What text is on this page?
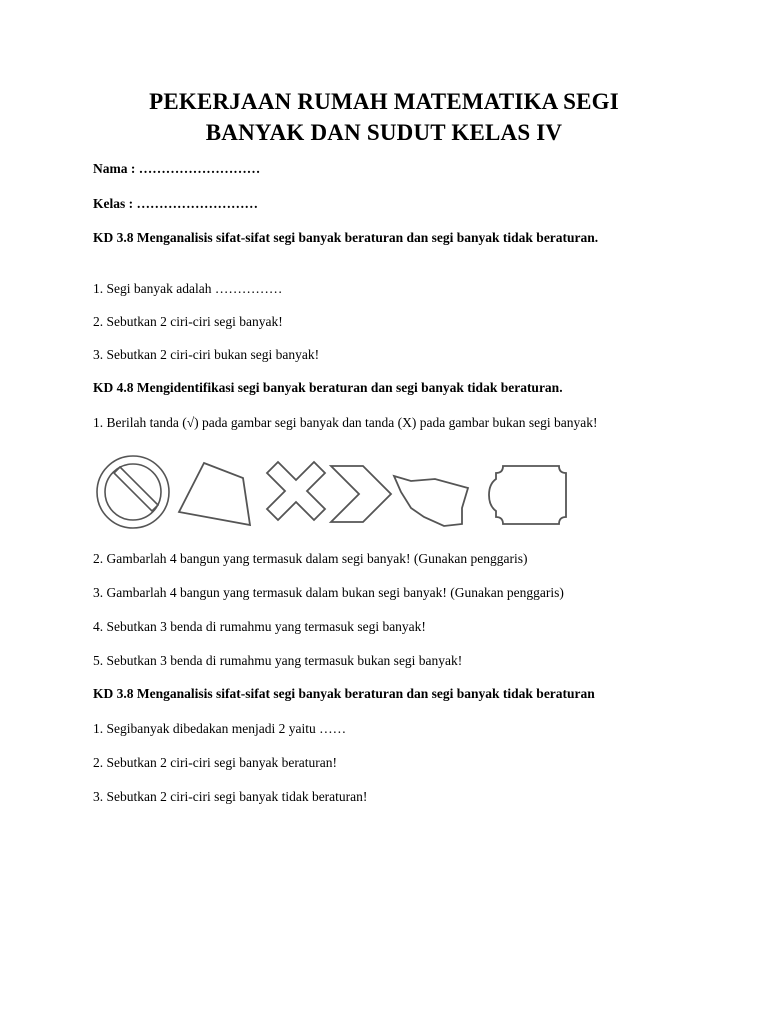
PEKERJAAN RUMAH MATEMATIKA SEGI
BANYAK DAN SUDUT KELAS IV
Nama : ………………………
Kelas : ………………………
KD 3.8 Menganalisis sifat-sifat segi banyak beraturan dan segi banyak tidak beraturan.
1. Segi banyak adalah ……………
2. Sebutkan 2 ciri-ciri segi banyak!
3. Sebutkan 2 ciri-ciri bukan segi banyak!
KD 4.8 Mengidentifikasi segi banyak beraturan dan segi banyak tidak beraturan.
1. Berilah tanda (√) pada gambar segi banyak dan tanda (X) pada gambar bukan segi banyak!
2. Gambarlah 4 bangun yang termasuk dalam segi banyak! (Gunakan penggaris)
3. Gambarlah 4 bangun yang termasuk dalam bukan segi banyak! (Gunakan penggaris)
4. Sebutkan 3 benda di rumahmu yang termasuk segi banyak!
5. Sebutkan 3 benda di rumahmu yang termasuk bukan segi banyak!
KD 3.8 Menganalisis sifat-sifat segi banyak beraturan dan segi banyak tidak beraturan
1. Segibanyak dibedakan menjadi 2 yaitu ……
2. Sebutkan 2 ciri-ciri segi banyak beraturan!
3. Sebutkan 2 ciri-ciri segi banyak tidak beraturan!
